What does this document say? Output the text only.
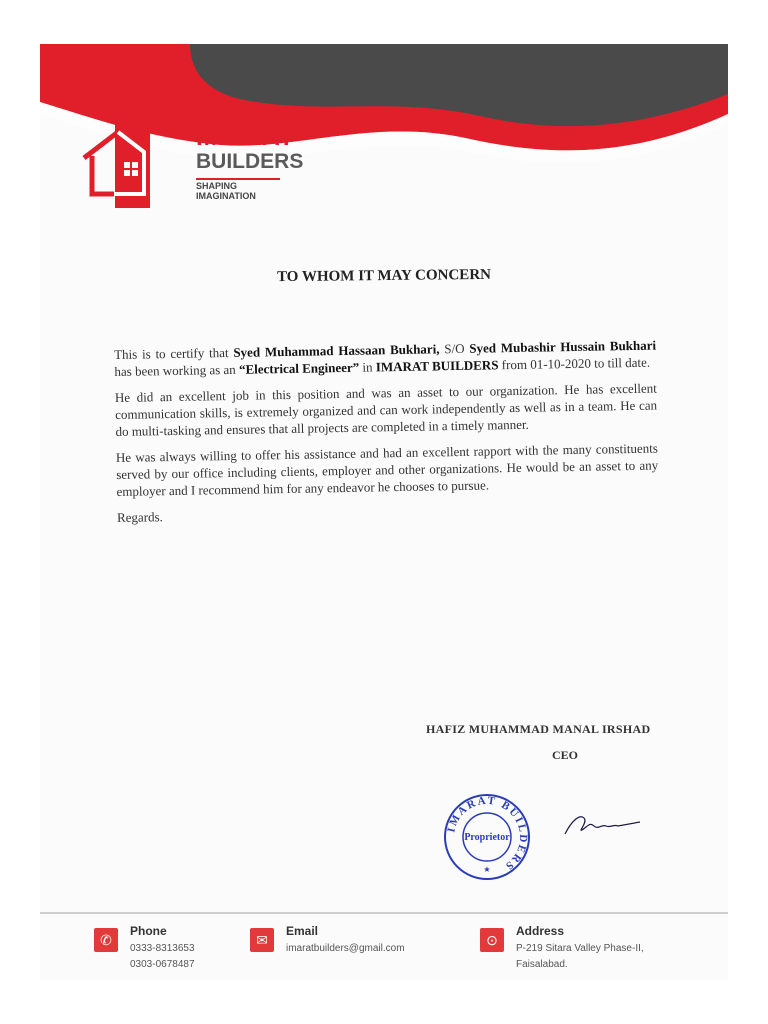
IMARAT
BUILDERS
SHAPING IMAGINATION
TO WHOM IT MAY CONCERN

This is to certify that Syed Muhammad Hassaan Bukhari, S/O Syed Mubashir Hussain Bukhari has been working as an “Electrical Engineer” in IMARAT BUILDERS from 01-10-2020 to till date.

He did an excellent job in this position and was an asset to our organization. He has excellent communication skills, is extremely organized and can work independently as well as in a team. He can do multi-tasking and ensures that all projects are completed in a timely manner.

He was always willing to offer his assistance and had an excellent rapport with the many constituents served by our office including clients, employer and other organizations. He would be an asset to any employer and I recommend him for any endeavor he chooses to pursue.

Regards.

HAFIZ MUHAMMAD MANAL IRSHAD
CEO
IMARAT BUILDERS
Proprietor
★
✆
Phone
0333-8313653
0303-0678487
✉
Email
imaratbuilders@gmail.com
⊙
Address
P-219 Sitara Valley Phase-II,
Faisalabad.
